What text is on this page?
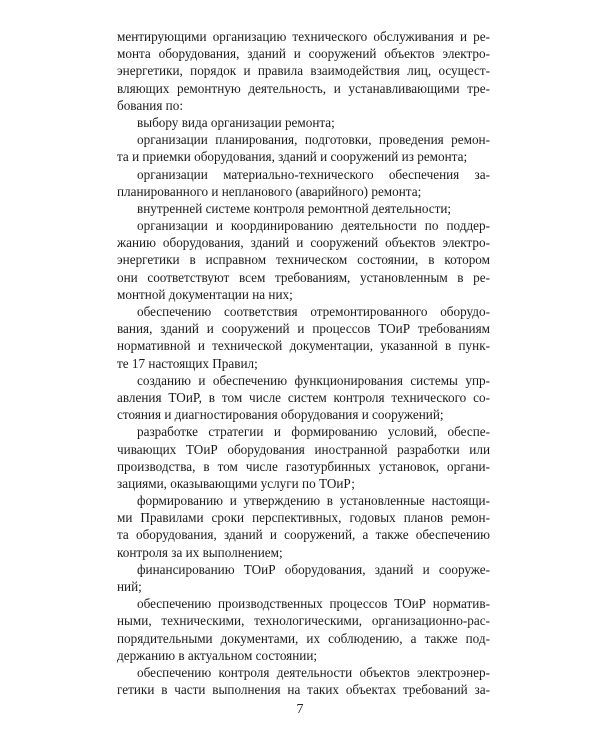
ментирующими организацию технического обслуживания и ре-
монта оборудования, зданий и сооружений объектов электро-
энергетики, порядок и правила взаимодействия лиц, осущест-
вляющих ремонтную деятельность, и устанавливающими тре-
бования по:
выбору вида организации ремонта;
организации планирования, подготовки, проведения ремон-
та и приемки оборудования, зданий и сооружений из ремонта;
организации материально-технического обеспечения за-
планированного и непланового (аварийного) ремонта;
внутренней системе контроля ремонтной деятельности;
организации и координированию деятельности по поддер-
жанию оборудования, зданий и сооружений объектов электро-
энергетики в исправном техническом состоянии, в котором
они соответствуют всем требованиям, установленным в ре-
монтной документации на них;
обеспечению соответствия отремонтированного оборудо-
вания, зданий и сооружений и процессов ТОиР требованиям
нормативной и технической документации, указанной в пунк-
те 17 настоящих Правил;
созданию и обеспечению функционирования системы упр-
авления ТОиР, в том числе систем контроля технического со-
стояния и диагностирования оборудования и сооружений;
разработке стратегии и формированию условий, обеспе-
чивающих ТОиР оборудования иностранной разработки или
производства, в том числе газотурбинных установок, органи-
зациями, оказывающими услуги по ТОиР;
формированию и утверждению в установленные настоящи-
ми Правилами сроки перспективных, годовых планов ремон-
та оборудования, зданий и сооружений, а также обеспечению
контроля за их выполнением;
финансированию ТОиР оборудования, зданий и сооруже-
ний;
обеспечению производственных процессов ТОиР норматив-
ными, техническими, технологическими, организационно-рас-
порядительными документами, их соблюдению, а также под-
держанию в актуальном состоянии;
обеспечению контроля деятельности объектов электроэнер-
гетики в части выполнения на таких объектах требований за-
7
